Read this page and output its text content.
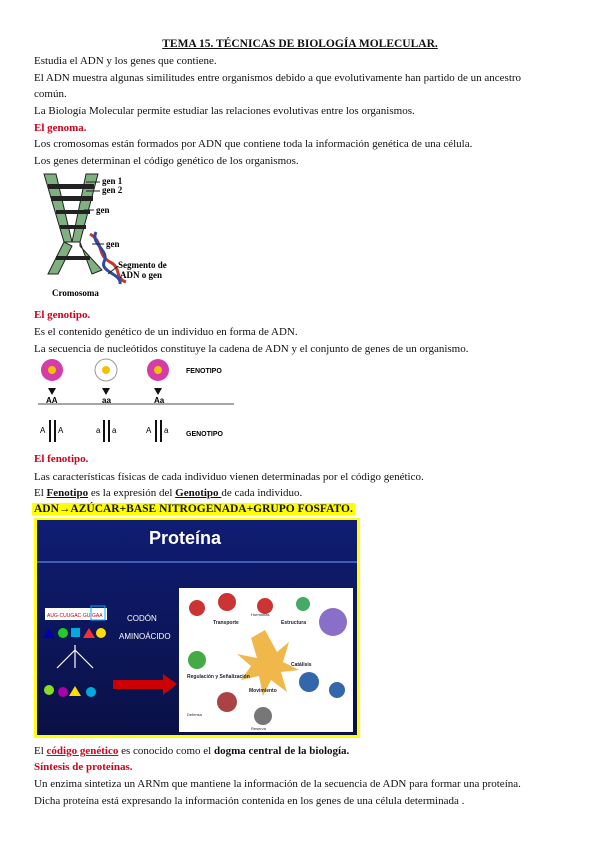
TEMA 15. TÉCNICAS DE BIOLOGÍA MOLECULAR.
Estudia el ADN y los genes que contiene.
El ADN muestra algunas similitudes entre organismos debido a que evolutivamente han partido de un ancestro
común.
La Biología Molecular permite estudiar las relaciones evolutivas entre los organismos.
El genoma.
Los cromosomas están formados por ADN que contiene toda la información genética de una célula.
Los genes determinan el código genético de los organismos.
gen 1
gen 2
gen
gen
Segmento de
ADN o gen
Cromosoma
El genotipo.
Es el contenido genético de un individuo en forma de ADN.
La secuencia de nucleótidos constituye la cadena de ADN y el conjunto de genes de un organismo.
FENOTIPO
AA	aa	Aa
A A	a a	A a	GENOTIPO
El fenotipo.
Las características físicas de cada individuo vienen determinadas por el código genético.
El Fenotipo es la expresión del Genotipo de cada individuo.
ADN→AZÚCAR+BASE NITROGENADA+GRUPO FOSFATO.
Proteína
AUG·CUUGAC·GU·GAA	CODÓN
AMINOÁCIDO
Transporte	Estructura
Hormonas
Regulación y Señalización
Catálisis
Movimiento
Defensa
Reserva
El código genético es conocido como el dogma central de la biología.
Síntesis de proteínas.
Un enzima sintetiza un ARNm que mantiene la información de la secuencia de ADN para formar una proteína.
Dicha proteína está expresando la información contenida en los genes de una célula determinada .
